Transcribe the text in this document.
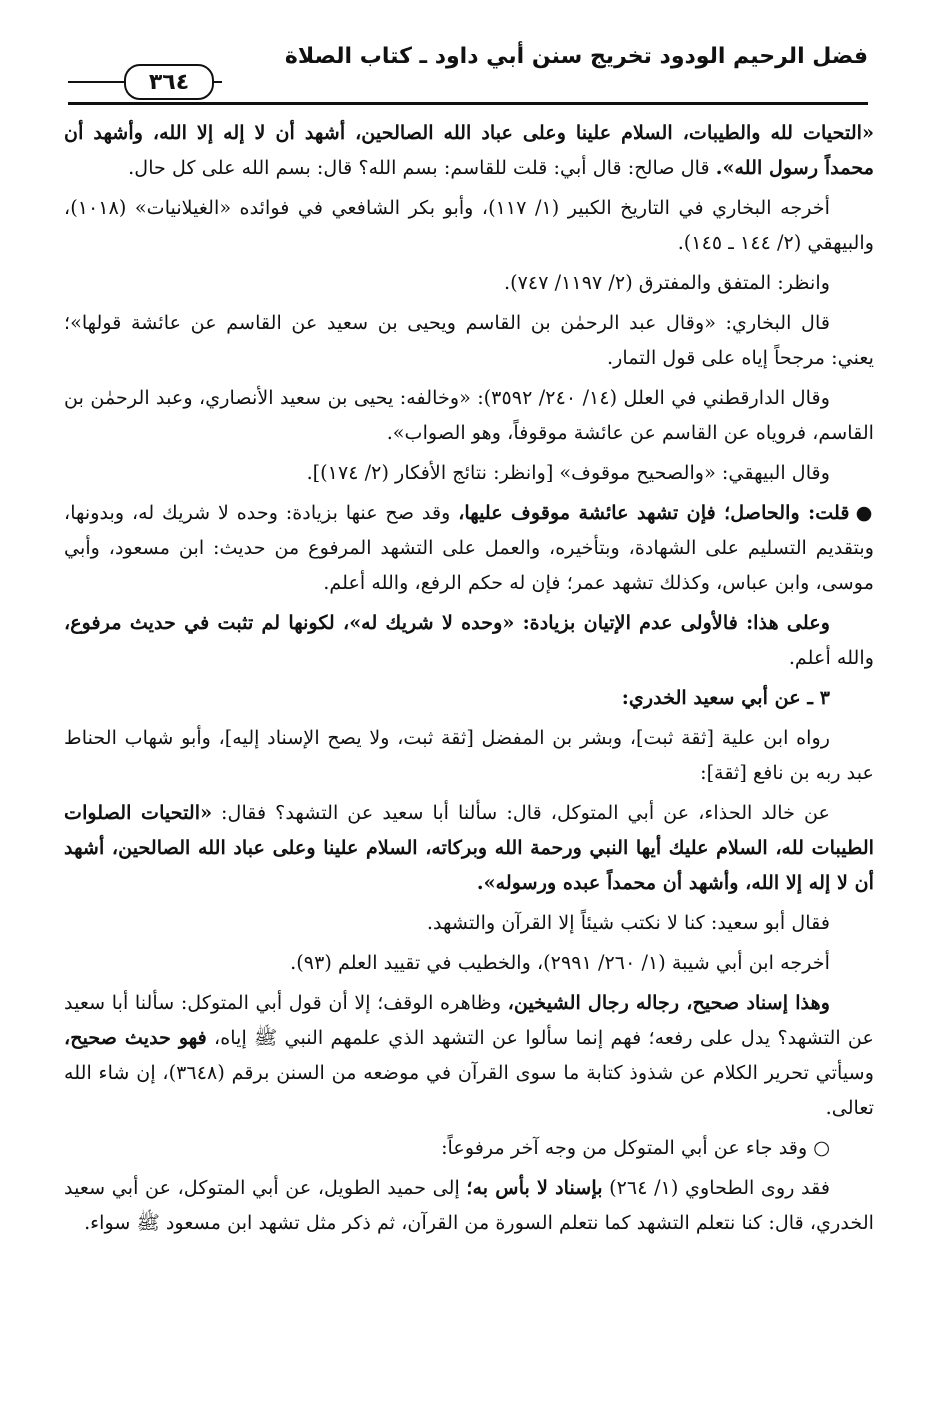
فضل الرحيم الودود تخريج سنن أبي داود ـ كتاب الصلاة
٣٦٤

«التحيات لله والطيبات، السلام علينا وعلى عباد الله الصالحين، أشهد أن لا إله إلا الله، وأشهد أن محمداً رسول الله». قال صالح: قال أبي: قلت للقاسم: بسم الله؟ قال: بسم الله على كل حال.

أخرجه البخاري في التاريخ الكبير (١/ ١١٧)، وأبو بكر الشافعي في فوائده «الغيلانيات» (١٠١٨)، والبيهقي (٢/ ١٤٤ ـ ١٤٥).

وانظر: المتفق والمفترق (٢/ ١١٩٧/ ٧٤٧).

قال البخاري: «وقال عبد الرحمٰن بن القاسم ويحيى بن سعيد عن القاسم عن عائشة قولها»؛ يعني: مرجحاً إياه على قول التمار.

وقال الدارقطني في العلل (١٤/ ٢٤٠/ ٣٥٩٢): «وخالفه: يحيى بن سعيد الأنصاري، وعبد الرحمٰن بن القاسم، فروياه عن القاسم عن عائشة موقوفاً، وهو الصواب».

وقال البيهقي: «والصحيح موقوف» [وانظر: نتائج الأفكار (٢/ ١٧٤)].

●قلت: والحاصل؛ فإن تشهد عائشة موقوف عليها، وقد صح عنها بزيادة: وحده لا شريك له، وبدونها، وبتقديم التسليم على الشهادة، وبتأخيره، والعمل على التشهد المرفوع من حديث: ابن مسعود، وأبي موسى، وابن عباس، وكذلك تشهد عمر؛ فإن له حكم الرفع، والله أعلم.

وعلى هذا: فالأولى عدم الإتيان بزيادة: «وحده لا شريك له»، لكونها لم تثبت في حديث مرفوع، والله أعلم.

٣ ـ عن أبي سعيد الخدري:

رواه ابن علية [ثقة ثبت]، وبشر بن المفضل [ثقة ثبت، ولا يصح الإسناد إليه]، وأبو شهاب الحناط عبد ربه بن نافع [ثقة]:

عن خالد الحذاء، عن أبي المتوكل، قال: سألنا أبا سعيد عن التشهد؟ فقال: «التحيات الصلوات الطيبات لله، السلام عليك أيها النبي ورحمة الله وبركاته، السلام علينا وعلى عباد الله الصالحين، أشهد أن لا إله إلا الله، وأشهد أن محمداً عبده ورسوله».

فقال أبو سعيد: كنا لا نكتب شيئاً إلا القرآن والتشهد.

أخرجه ابن أبي شيبة (١/ ٢٦٠/ ٢٩٩١)، والخطيب في تقييد العلم (٩٣).

وهذا إسناد صحيح، رجاله رجال الشيخين، وظاهره الوقف؛ إلا أن قول أبي المتوكل: سألنا أبا سعيد عن التشهد؟ يدل على رفعه؛ فهم إنما سألوا عن التشهد الذي علمهم النبي ﷺ إياه، فهو حديث صحيح، وسيأتي تحرير الكلام عن شذوذ كتابة ما سوى القرآن في موضعه من السنن برقم (٣٦٤٨)، إن شاء الله تعالى.

○وقد جاء عن أبي المتوكل من وجه آخر مرفوعاً:

فقد روى الطحاوي (١/ ٢٦٤) بإسناد لا بأس به؛ إلى حميد الطويل، عن أبي المتوكل، عن أبي سعيد الخدري، قال: كنا نتعلم التشهد كما نتعلم السورة من القرآن، ثم ذكر مثل تشهد ابن مسعود ﷺ سواء.
